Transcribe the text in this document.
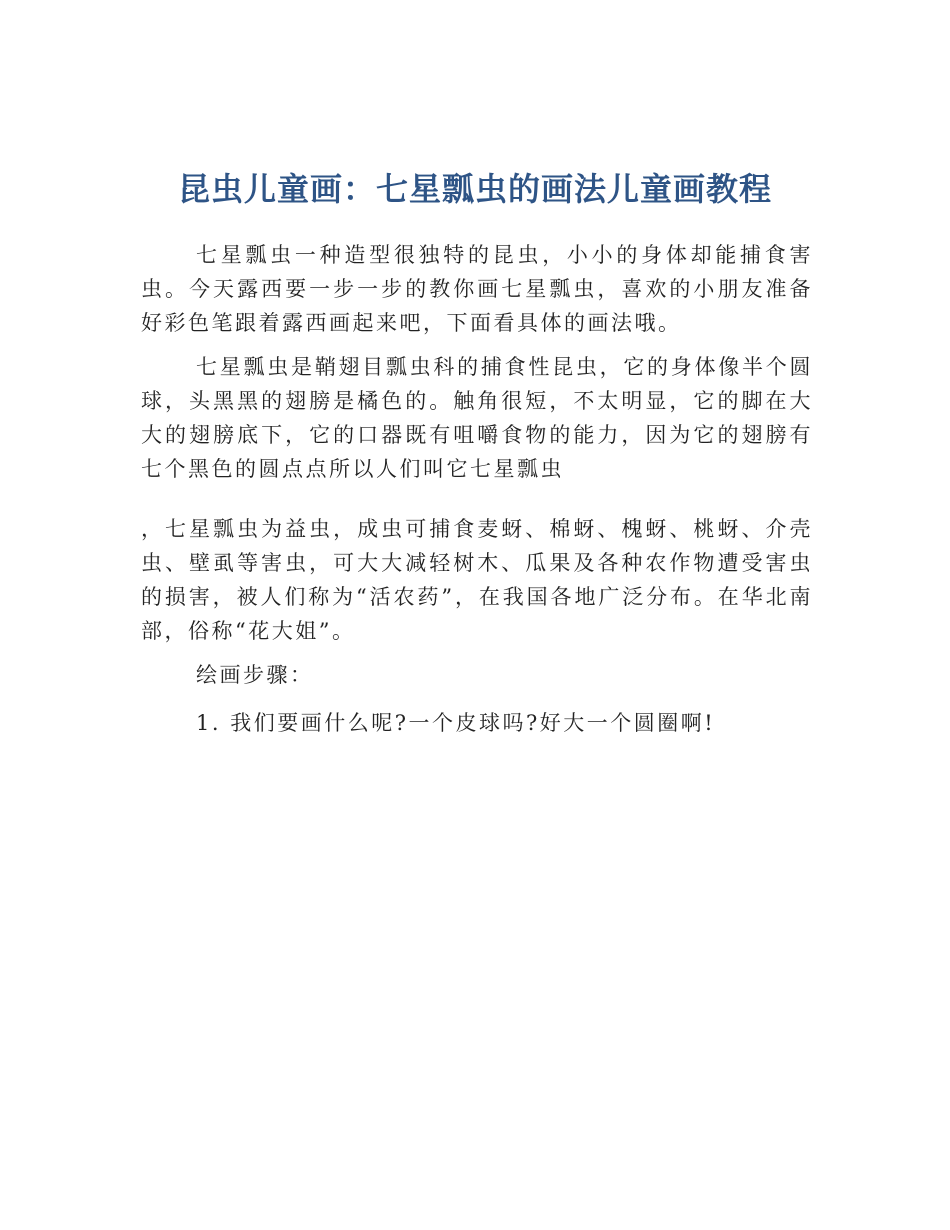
昆虫儿童画：七星瓢虫的画法儿童画教程

七星瓢虫一种造型很独特的昆虫，小小的身体却能捕食害虫。今天露西要一步一步的教你画七星瓢虫，喜欢的小朋友准备好彩色笔跟着露西画起来吧，下面看具体的画法哦。

七星瓢虫是鞘翅目瓢虫科的捕食性昆虫，它的身体像半个圆球，头黑黑的翅膀是橘色的。触角很短，不太明显，它的脚在大大的翅膀底下，它的口器既有咀嚼食物的能力，因为它的翅膀有七个黑色的圆点点所以人们叫它七星瓢虫

，七星瓢虫为益虫，成虫可捕食麦蚜、棉蚜、槐蚜、桃蚜、介壳虫、壁虱等害虫，可大大减轻树木、瓜果及各种农作物遭受害虫的损害，被人们称为“活农药”，在我国各地广泛分布。在华北南部，俗称“花大姐”。

绘画步骤：

1. 我们要画什么呢?一个皮球吗?好大一个圆圈啊!
